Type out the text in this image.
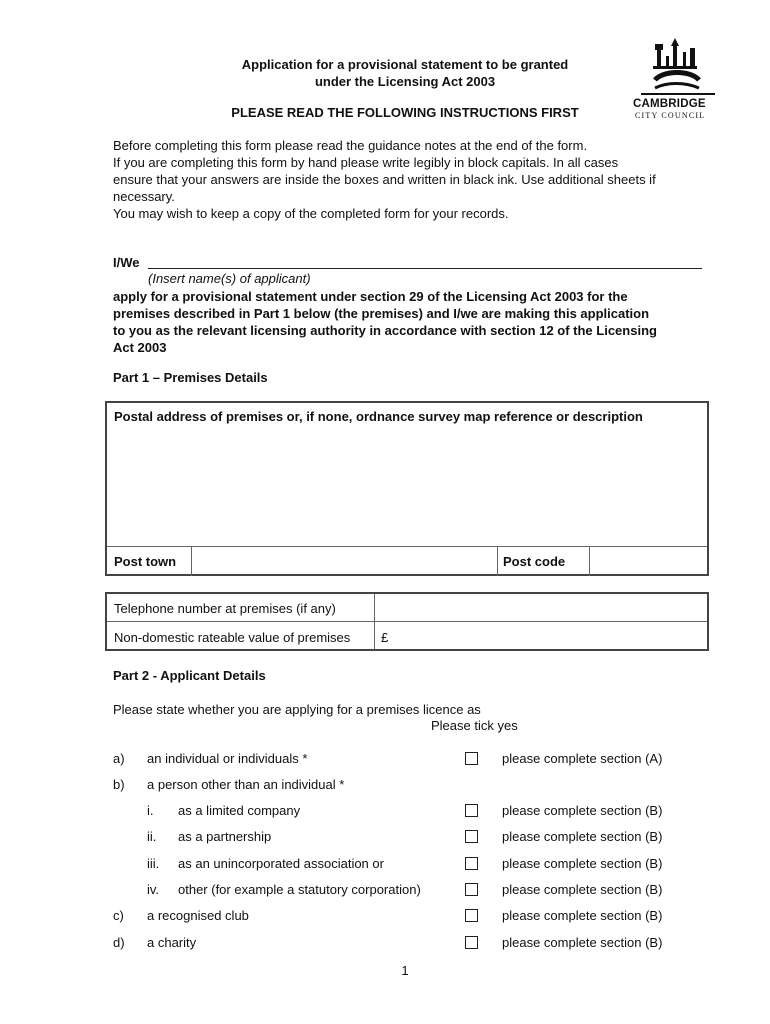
CAMBRIDGE
CITY COUNCIL
Application for a provisional statement to be granted
under the Licensing Act 2003
PLEASE READ THE FOLLOWING INSTRUCTIONS FIRST
Before completing this form please read the guidance notes at the end of the form.
If you are completing this form by hand please write legibly in block capitals. In all cases
ensure that your answers are inside the boxes and written in black ink. Use additional sheets if
necessary.
You may wish to keep a copy of the completed form for your records.
I/We
(Insert name(s) of applicant)
apply for a provisional statement under section 29 of the Licensing Act 2003 for the
premises described in Part 1 below (the premises) and I/we are making this application
to you as the relevant licensing authority in accordance with section 12 of the Licensing
Act 2003
Part 1 – Premises Details
Postal address of premises or, if none, ordnance survey map reference or description
Post town	Post code
Telephone number at premises (if any)
Non-domestic rateable value of premises £
Part 2 - Applicant Details
Please state whether you are applying for a premises licence as
Please tick yes
a) an individual or individuals *	please complete section (A)
b) a person other than an individual *
i. as a limited company	please complete section (B)
ii. as a partnership	please complete section (B)
iii. as an unincorporated association or	please complete section (B)
iv. other (for example a statutory corporation)	please complete section (B)
c) a recognised club	please complete section (B)
d) a charity	please complete section (B)
1
